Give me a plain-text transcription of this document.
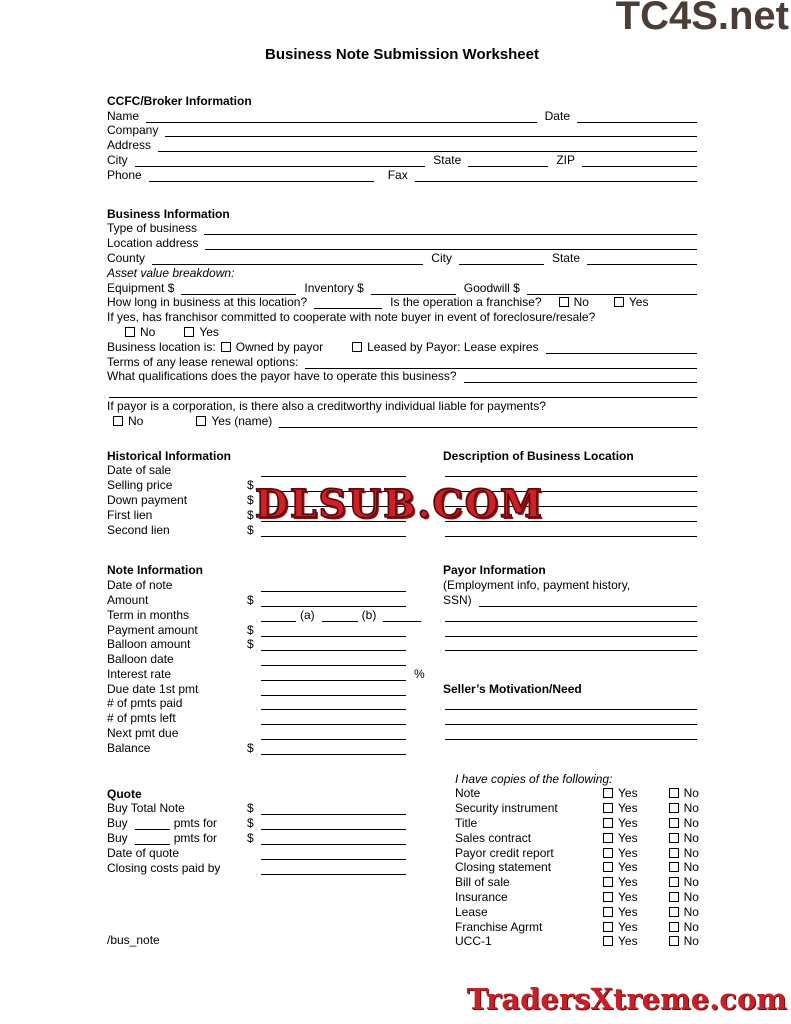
TC4S.net
DLSUB.COM
TradersXtreme.com
/bus_note
Business Note Submission Worksheet
CCFC/Broker Information
Name	Date
Company
Address
City	State	ZIP
Phone	Fax
Business Information
Type of business
Location address
County	City	State
Asset value breakdown:
Equipment $	Inventory $	Goodwill $
How long in business at this location?	Is the operation a franchise?	No	Yes
If yes, has franchisor committed to cooperate with note buyer in event of foreclosure/resale?
No	Yes
Business location is: Owned by payor	Leased by Payor: Lease expires
Terms of any lease renewal options:
What qualifications does the payor have to operate this business?
If payor is a corporation, is there also a creditworthy individual liable for payments?
No	Yes (name)
Historical Information
Date of sale
Selling price	$
Down payment	$
First lien	$
Second lien	$
Description of Business Location
Note Information
Date of note
Amount	$
Term in months	(a)	(b)
Payment amount	$
Balloon amount	$
Balloon date
Interest rate	%
Due date 1st pmt
# of pmts paid
# of pmts left
Next pmt due
Balance	$
Payor Information
(Employment info, payment history,
SSN)
Seller’s Motivation/Need
Quote
Buy Total Note	$
Buy	pmts for $
Buy	pmts for $
Date of quote
Closing costs paid by
I have copies of the following:
Note	Yes	No
Security instrument	Yes	No
Title	Yes	No
Sales contract	Yes	No
Payor credit report	Yes	No
Closing statement	Yes	No
Bill of sale	Yes	No
Insurance	Yes	No
Lease	Yes	No
Franchise Agrmt	Yes	No
UCC-1	Yes	No
